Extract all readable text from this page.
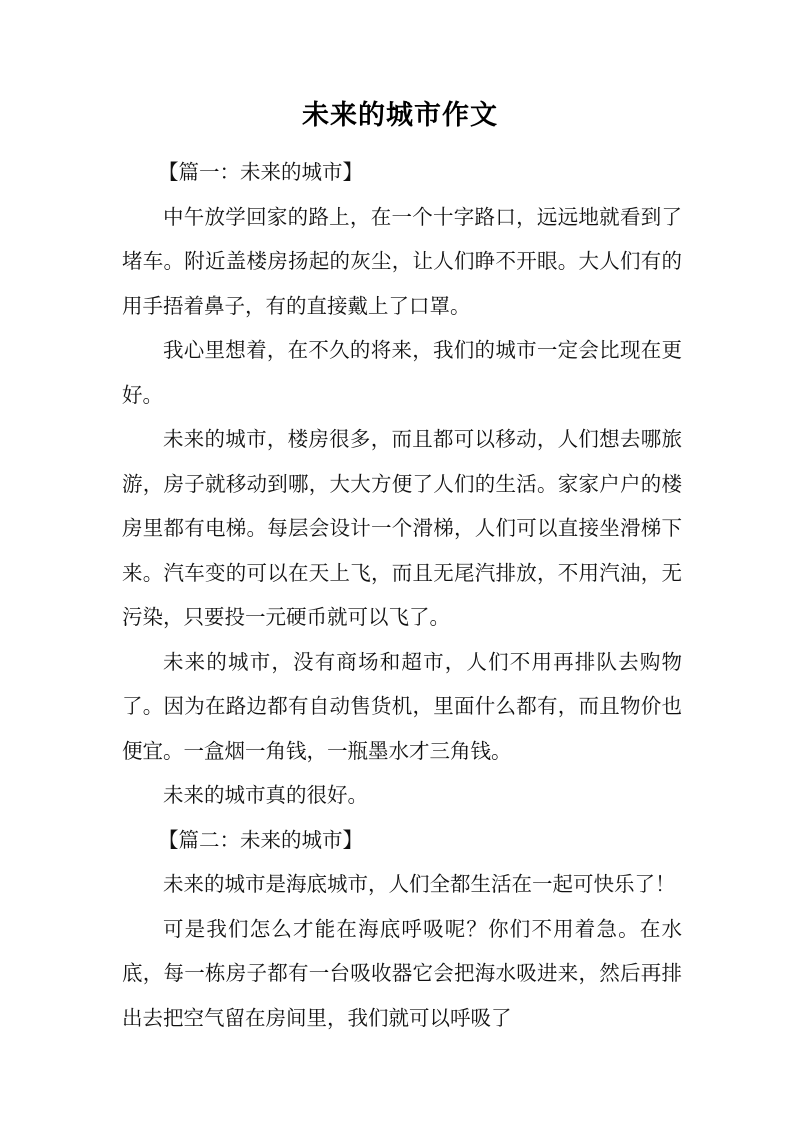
未来的城市作文

【篇一：未来的城市】

中午放学回家的路上，在一个十字路口，远远地就看到了堵车。附近盖楼房扬起的灰尘，让人们睁不开眼。大人们有的用手捂着鼻子，有的直接戴上了口罩。

我心里想着，在不久的将来，我们的城市一定会比现在更好。

未来的城市，楼房很多，而且都可以移动，人们想去哪旅游，房子就移动到哪，大大方便了人们的生活。家家户户的楼房里都有电梯。每层会设计一个滑梯，人们可以直接坐滑梯下来。汽车变的可以在天上飞，而且无尾汽排放，不用汽油，无污染，只要投一元硬币就可以飞了。

未来的城市，没有商场和超市，人们不用再排队去购物了。因为在路边都有自动售货机，里面什么都有，而且物价也便宜。一盒烟一角钱，一瓶墨水才三角钱。

未来的城市真的很好。

【篇二：未来的城市】

未来的城市是海底城市，人们全都生活在一起可快乐了！

可是我们怎么才能在海底呼吸呢？你们不用着急。在水底，每一栋房子都有一台吸收器它会把海水吸进来，然后再排出去把空气留在房间里，我们就可以呼吸了
